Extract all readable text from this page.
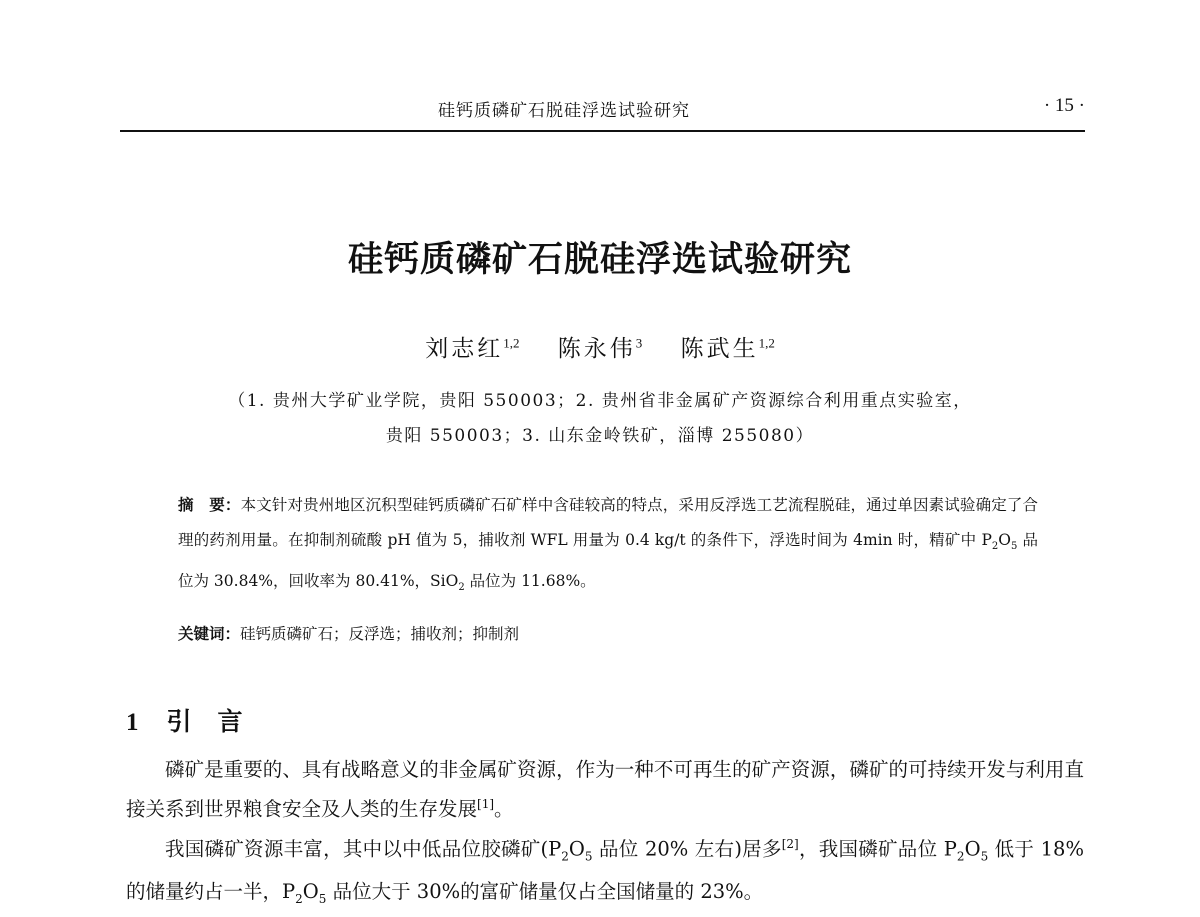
硅钙质磷矿石脱硅浮选试验研究	· 15 ·
硅钙质磷矿石脱硅浮选试验研究
刘志红$^{1,2}$ 陈永伟$^3$ 陈武生$^{1,2}$
（1. 贵州大学矿业学院，贵阳 550003；2. 贵州省非金属矿产资源综合利用重点实验室，
贵阳 550003；3. 山东金岭铁矿，淄博 255080）
摘　要：本文针对贵州地区沉积型硅钙质磷矿石矿样中含硅较高的特点，采用反浮选工艺流程脱硅，通过单因素试验确定了合理的药剂用量。在抑制剂硫酸 pH 值为 5，捕收剂 WFL 用量为 0.4 kg/t 的条件下，浮选时间为 4min 时，精矿中 $P_2O_5$ 品位为 30.84%，回收率为 80.41%，SiO$_2$ 品位为 11.68%。
关键词：硅钙质磷矿石；反浮选；捕收剂；抑制剂
1 引言

磷矿是重要的、具有战略意义的非金属矿资源，作为一种不可再生的矿产资源，磷矿的可持续开发与利用直接关系到世界粮食安全及人类的生存发展[1]。

我国磷矿资源丰富，其中以中低品位胶磷矿($P_2O_5$ 品位 20% 左右)居多[2]，我国磷矿品位 $P_2O_5$ 低于 18%的储量约占一半，$P_2O_5$ 品位大于 30%的富矿储量仅占全国储量的 23%。
